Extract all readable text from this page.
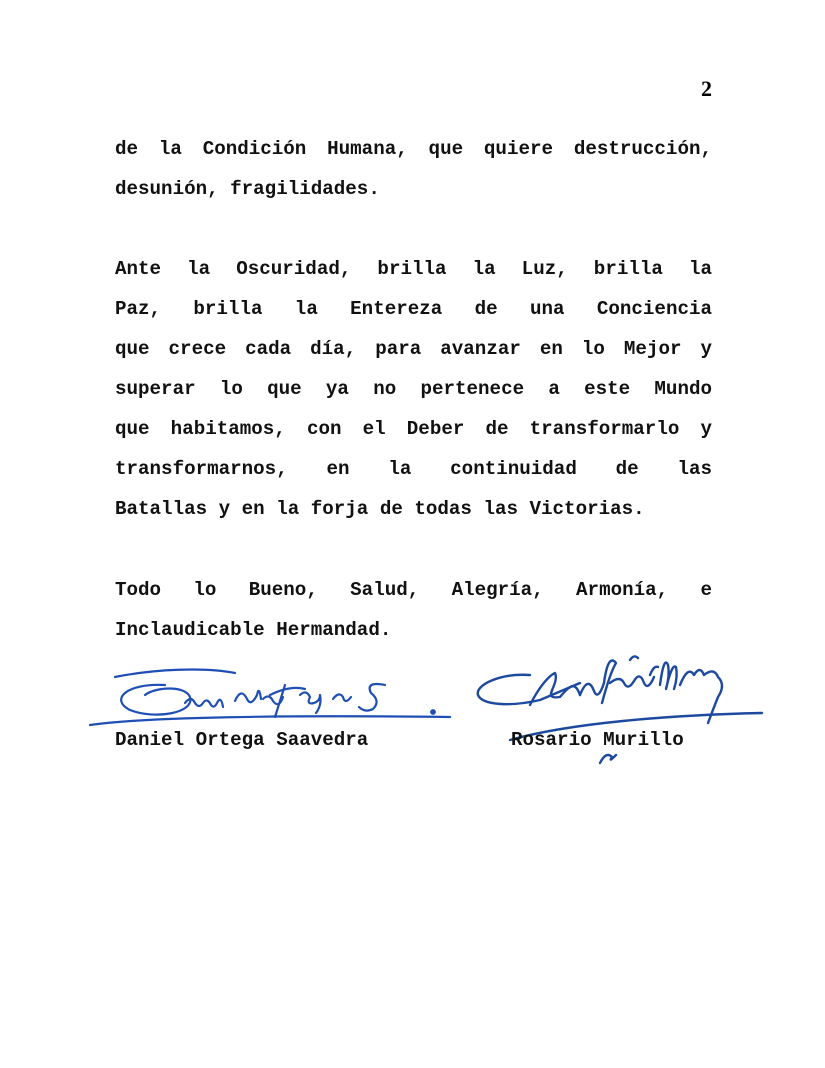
2
de la Condición Humana, que quiere destrucción,
desunión, fragilidades.
Ante la Oscuridad, brilla la Luz, brilla la
Paz, brilla la Entereza de una Conciencia
que crece cada día, para avanzar en lo Mejor y
superar lo que ya no pertenece a este Mundo
que habitamos, con el Deber de transformarlo y
transformarnos, en la continuidad de las
Batallas y en la forja de todas las Victorias.
Todo lo Bueno, Salud, Alegría, Armonía, e
Inclaudicable Hermandad.
Daniel Ortega Saavedra	Rosario Murillo
